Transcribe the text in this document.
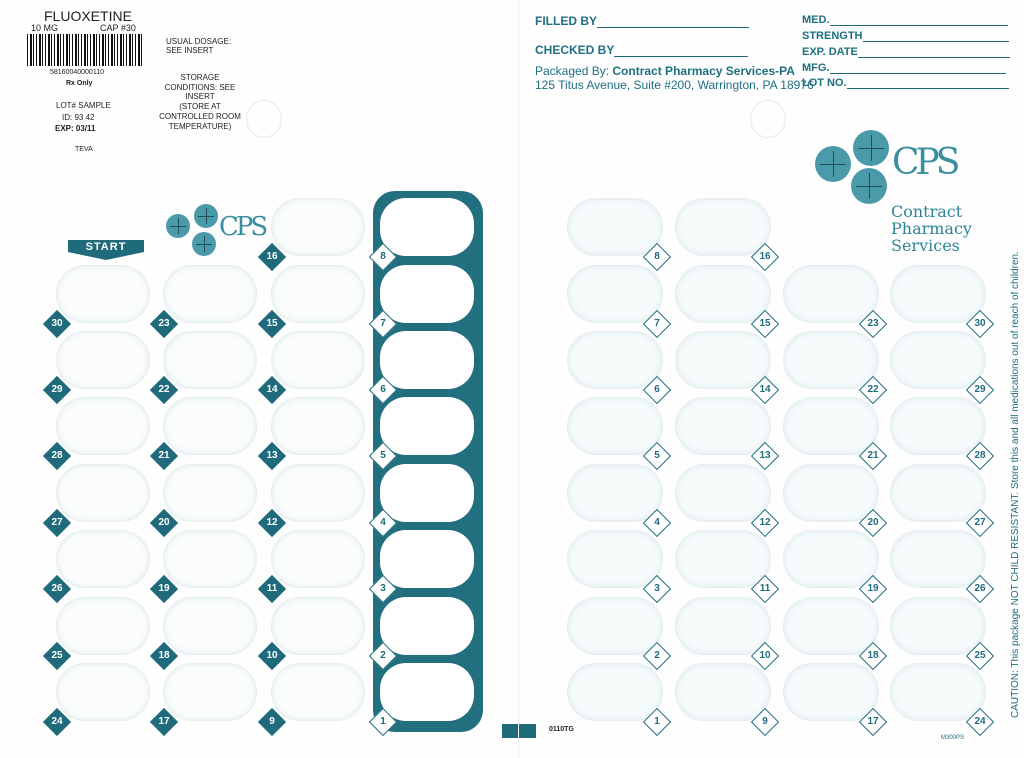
FLUOXETINE
10 MG	CAP #30
58160040000110
Rx Only
LOT# SAMPLE
ID: 93 42
EXP: 03/11
TEVA
USUAL DOSAGE:
SEE INSERT
STORAGE
CONDITIONS: SEE
INSERT
(STORE AT
CONTROLLED ROOM
TEMPERATURE)
FILLED BY
CHECKED BY
Packaged By: Contract Pharmacy Services-PA
125 Titus Avenue, Suite #200, Warrington, PA 18976
MED.
STRENGTH
EXP. DATE
MFG.
LOT NO.
CPS
Contract
Pharmacy
Services
CPS
START
0110TG
M300PS
CAUTION: This package NOT CHILD RESISTANT. Store this and all medications out of reach of children.
30
29
28
27
26
25
24
23
22
21
20
19
18
17
16
15
14
13
12
11
10
9
8
7
6
5
4
3
2
1
8
7
6
5
4
3
2
1
16
15
14
13
12
11
10
9
23
22
21
20
19
18
17
30
29
28
27
26
25
24
